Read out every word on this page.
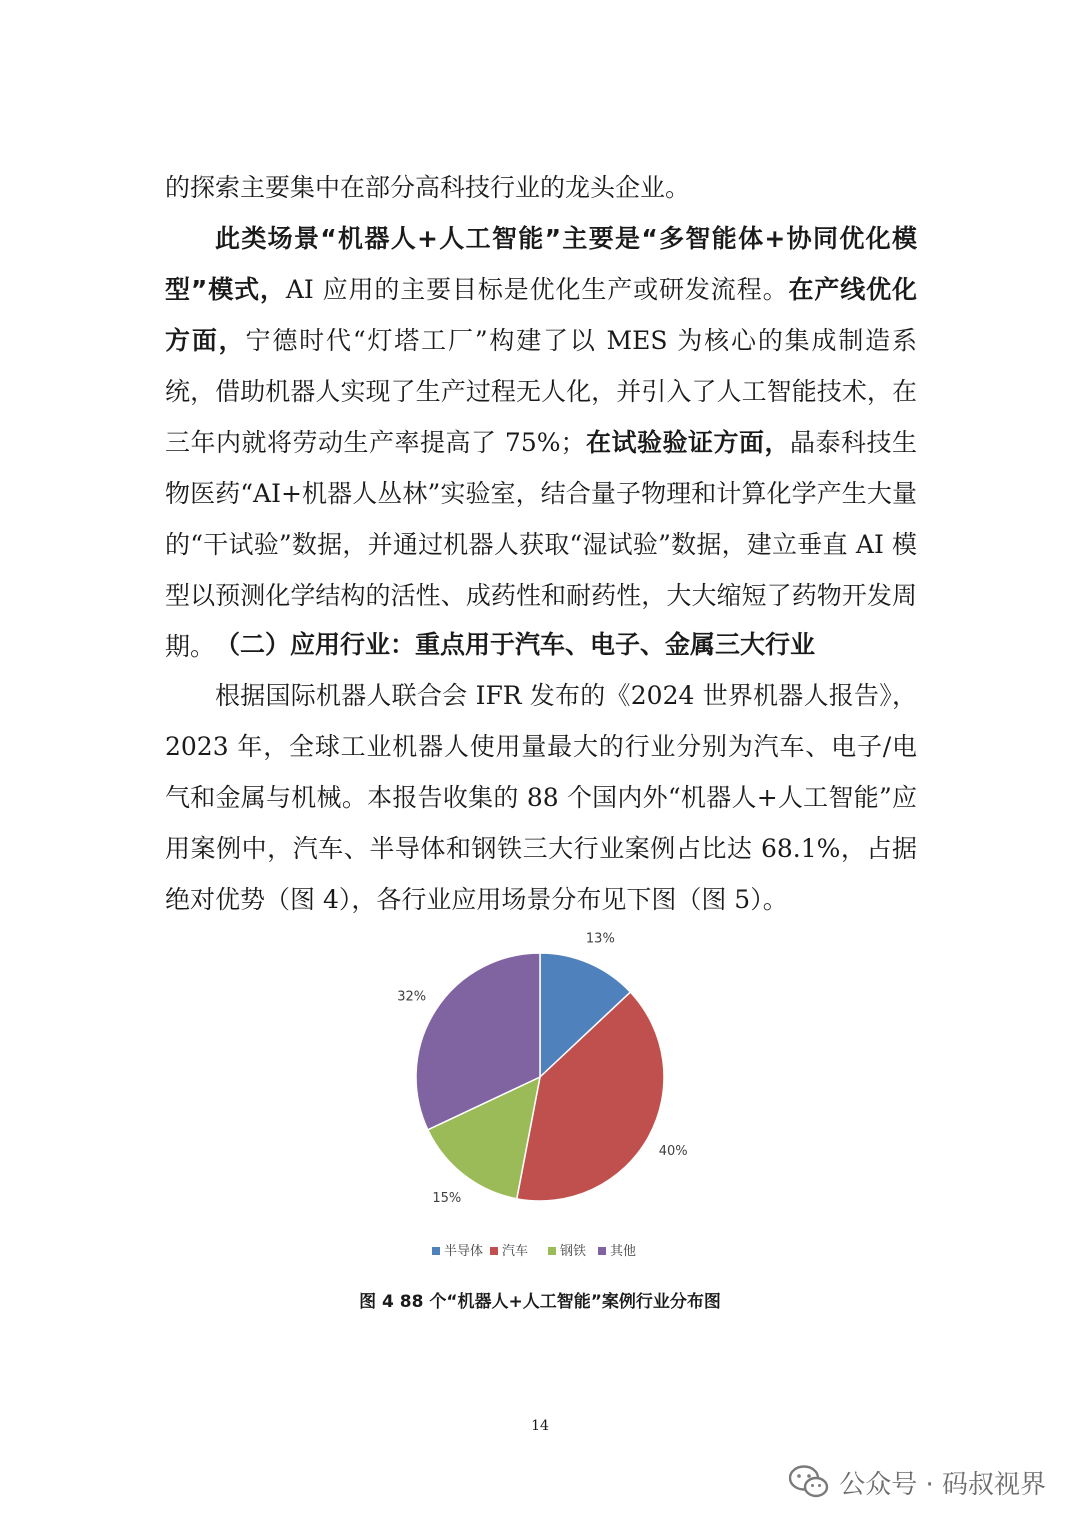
的探索主要集中在部分高科技行业的龙头企业。

此类场景“机器人+人工智能”主要是“多智能体+协同优化模型”模式，AI 应用的主要目标是优化生产或研发流程。在产线优化方面，宁德时代“灯塔工厂”构建了以 MES 为核心的集成制造系统，借助机器人实现了生产过程无人化，并引入了人工智能技术，在三年内就将劳动生产率提高了 75%；在试验验证方面，晶泰科技生物医药“AI+机器人丛林”实验室，结合量子物理和计算化学产生大量的“干试验”数据，并通过机器人获取“湿试验”数据，建立垂直 AI 模型以预测化学结构的活性、成药性和耐药性，大大缩短了药物开发周期。 （二）应用行业：重点用于汽车、电子、金属三大行业

根据国际机器人联合会 IFR 发布的《2024 世界机器人报告》，2023 年，全球工业机器人使用量最大的行业分别为汽车、电子/电气和金属与机械。本报告收集的 88 个国内外“机器人+人工智能”应用案例中，汽车、半导体和钢铁三大行业案例占比达 68.1%，占据绝对优势（图 4），各行业应用场景分布见下图（图 5）。

13%
40%
15%
32%
半导体 汽车 钢铁 其他
图 4 88 个“机器人+人工智能”案例行业分布图
14
公众号 · 码叔视界
